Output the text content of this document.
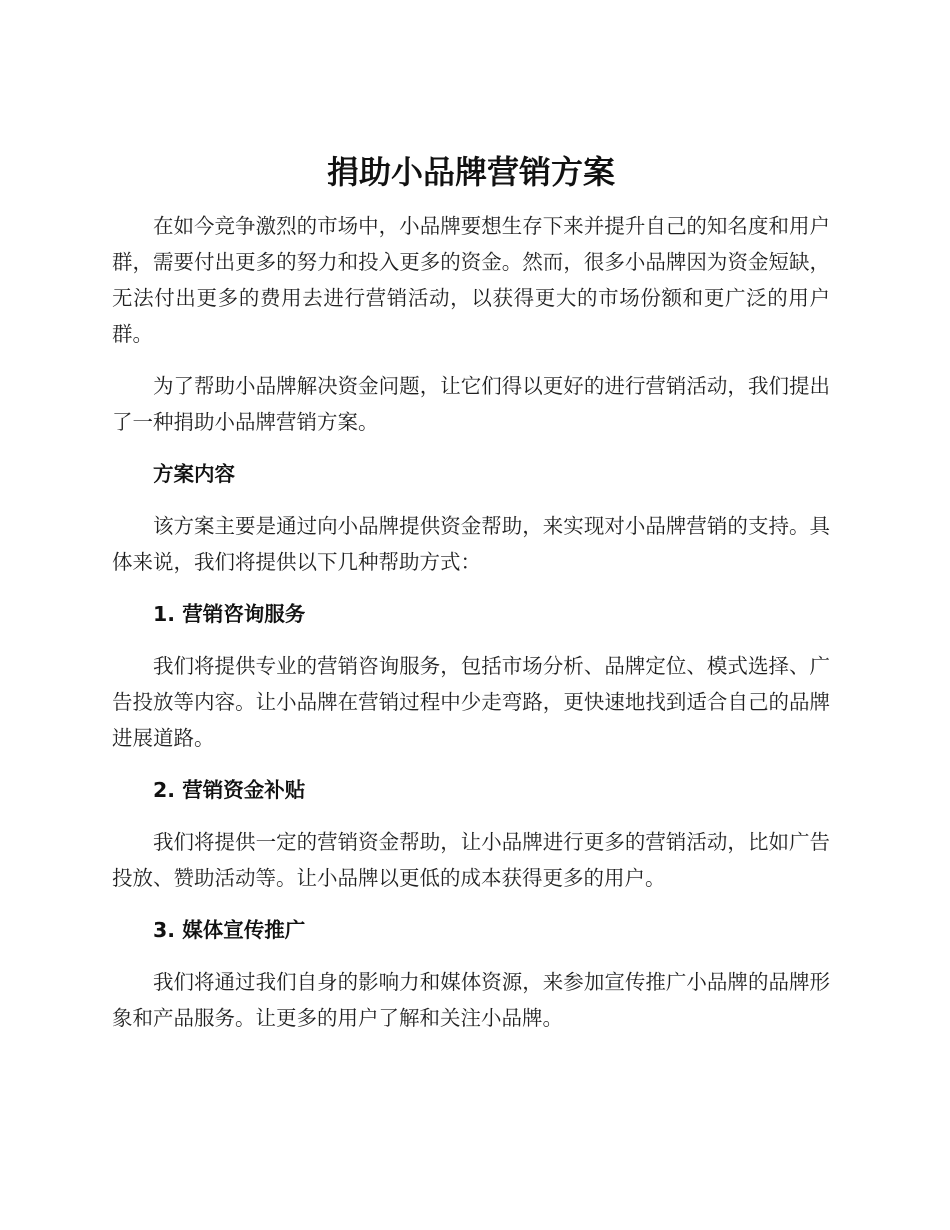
捐助小品牌营销方案

在如今竞争激烈的市场中，小品牌要想生存下来并提升自己的知名度和用户群，需要付出更多的努力和投入更多的资金。然而，很多小品牌因为资金短缺，无法付出更多的费用去进行营销活动，以获得更大的市场份额和更广泛的用户群。

为了帮助小品牌解决资金问题，让它们得以更好的进行营销活动，我们提出了一种捐助小品牌营销方案。

方案内容

该方案主要是通过向小品牌提供资金帮助，来实现对小品牌营销的支持。具体来说，我们将提供以下几种帮助方式：

1. 营销咨询服务

我们将提供专业的营销咨询服务，包括市场分析、品牌定位、模式选择、广告投放等内容。让小品牌在营销过程中少走弯路，更快速地找到适合自己的品牌进展道路。

2. 营销资金补贴

我们将提供一定的营销资金帮助，让小品牌进行更多的营销活动，比如广告投放、赞助活动等。让小品牌以更低的成本获得更多的用户。

3. 媒体宣传推广

我们将通过我们自身的影响力和媒体资源，来参加宣传推广小品牌的品牌形象和产品服务。让更多的用户了解和关注小品牌。
